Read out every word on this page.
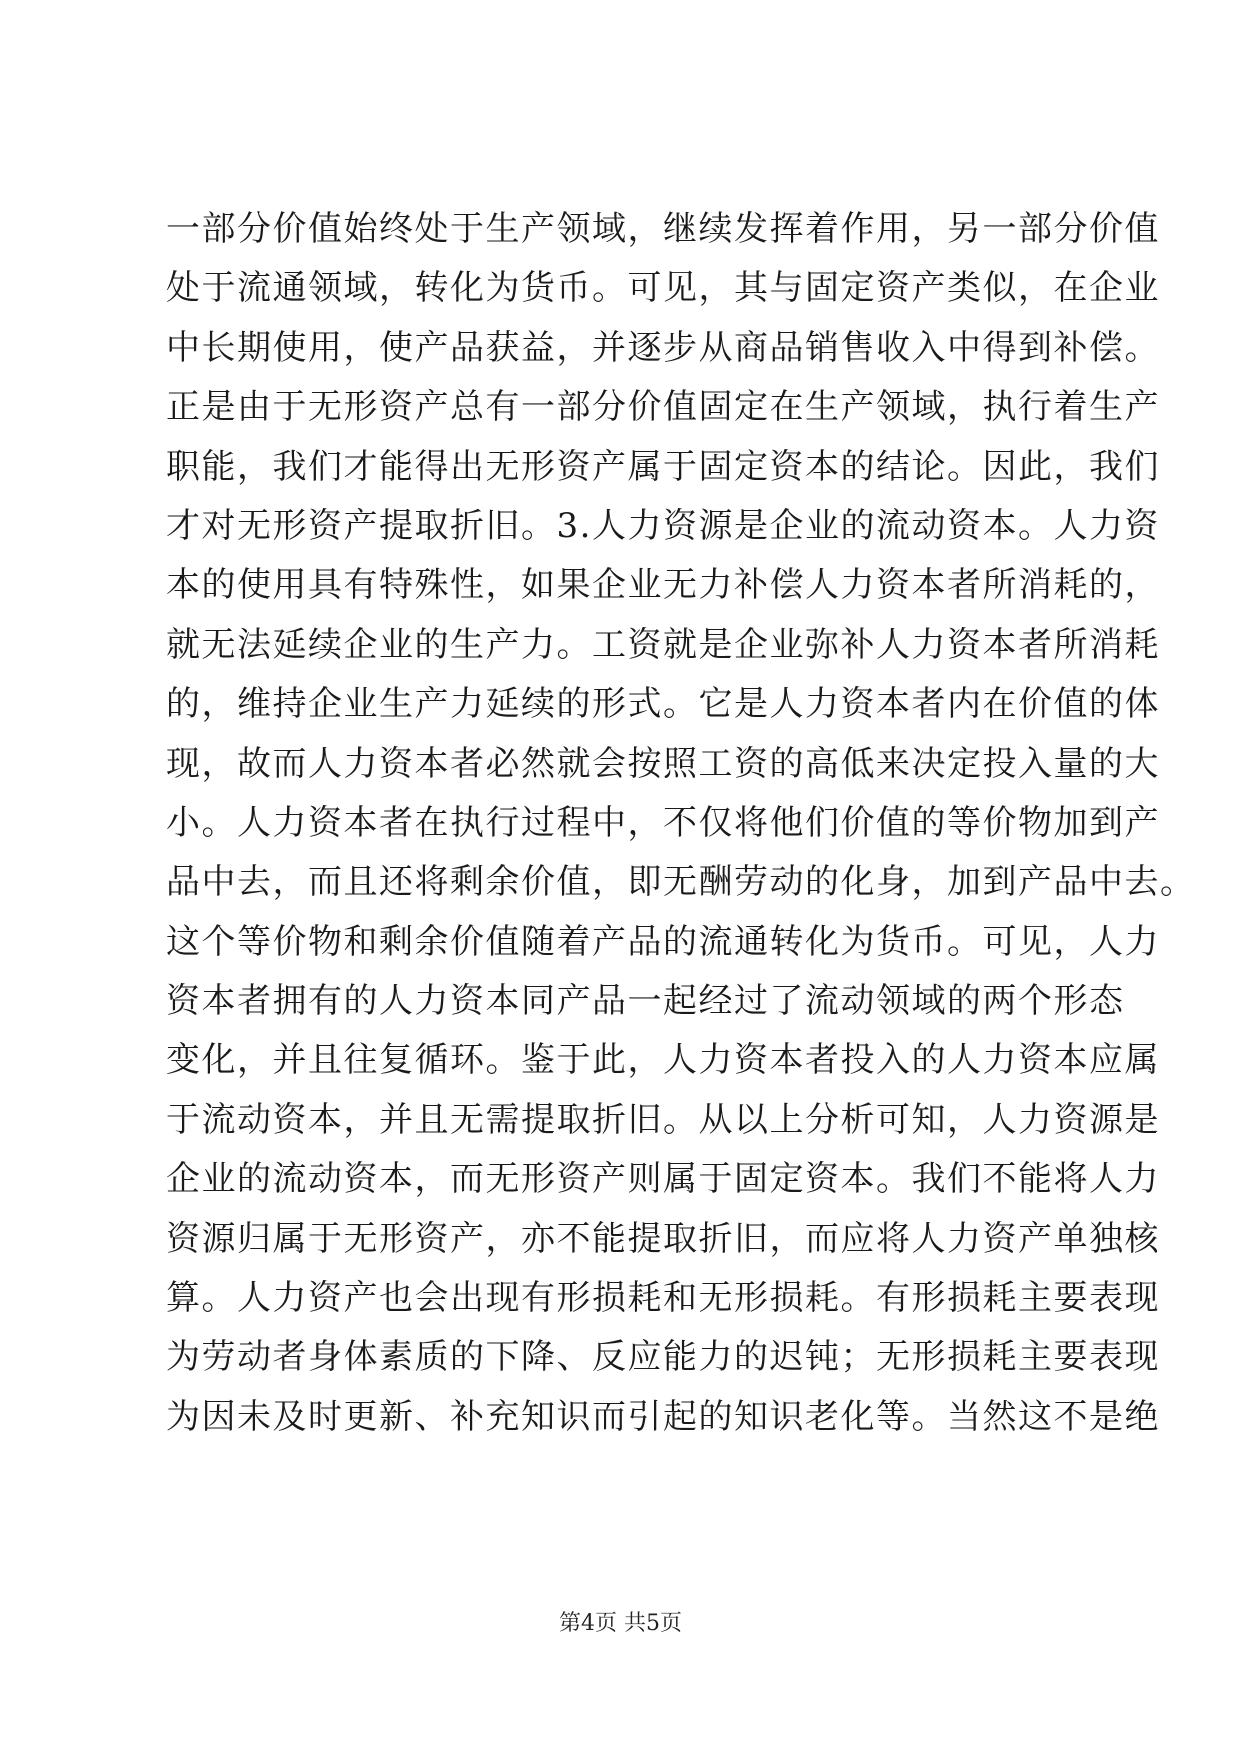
一部分价值始终处于生产领域，继续发挥着作用，另一部分价值
处于流通领域，转化为货币。可见，其与固定资产类似，在企业
中长期使用，使产品获益，并逐步从商品销售收入中得到补偿。
正是由于无形资产总有一部分价值固定在生产领域，执行着生产
职能，我们才能得出无形资产属于固定资本的结论。因此，我们
才对无形资产提取折旧。3.人力资源是企业的流动资本。人力资
本的使用具有特殊性，如果企业无力补偿人力资本者所消耗的，
就无法延续企业的生产力。工资就是企业弥补人力资本者所消耗
的，维持企业生产力延续的形式。它是人力资本者内在价值的体
现，故而人力资本者必然就会按照工资的高低来决定投入量的大
小。人力资本者在执行过程中，不仅将他们价值的等价物加到产
品中去，而且还将剩余价值，即无酬劳动的化身，加到产品中去。
这个等价物和剩余价值随着产品的流通转化为货币。可见，人力
资本者拥有的人力资本同产品一起经过了流动领域的两个形态
变化，并且往复循环。鉴于此，人力资本者投入的人力资本应属
于流动资本，并且无需提取折旧。从以上分析可知，人力资源是
企业的流动资本，而无形资产则属于固定资本。我们不能将人力
资源归属于无形资产，亦不能提取折旧，而应将人力资产单独核
算。人力资产也会出现有形损耗和无形损耗。有形损耗主要表现
为劳动者身体素质的下降、反应能力的迟钝；无形损耗主要表现
为因未及时更新、补充知识而引起的知识老化等。当然这不是绝
第4页 共5页
